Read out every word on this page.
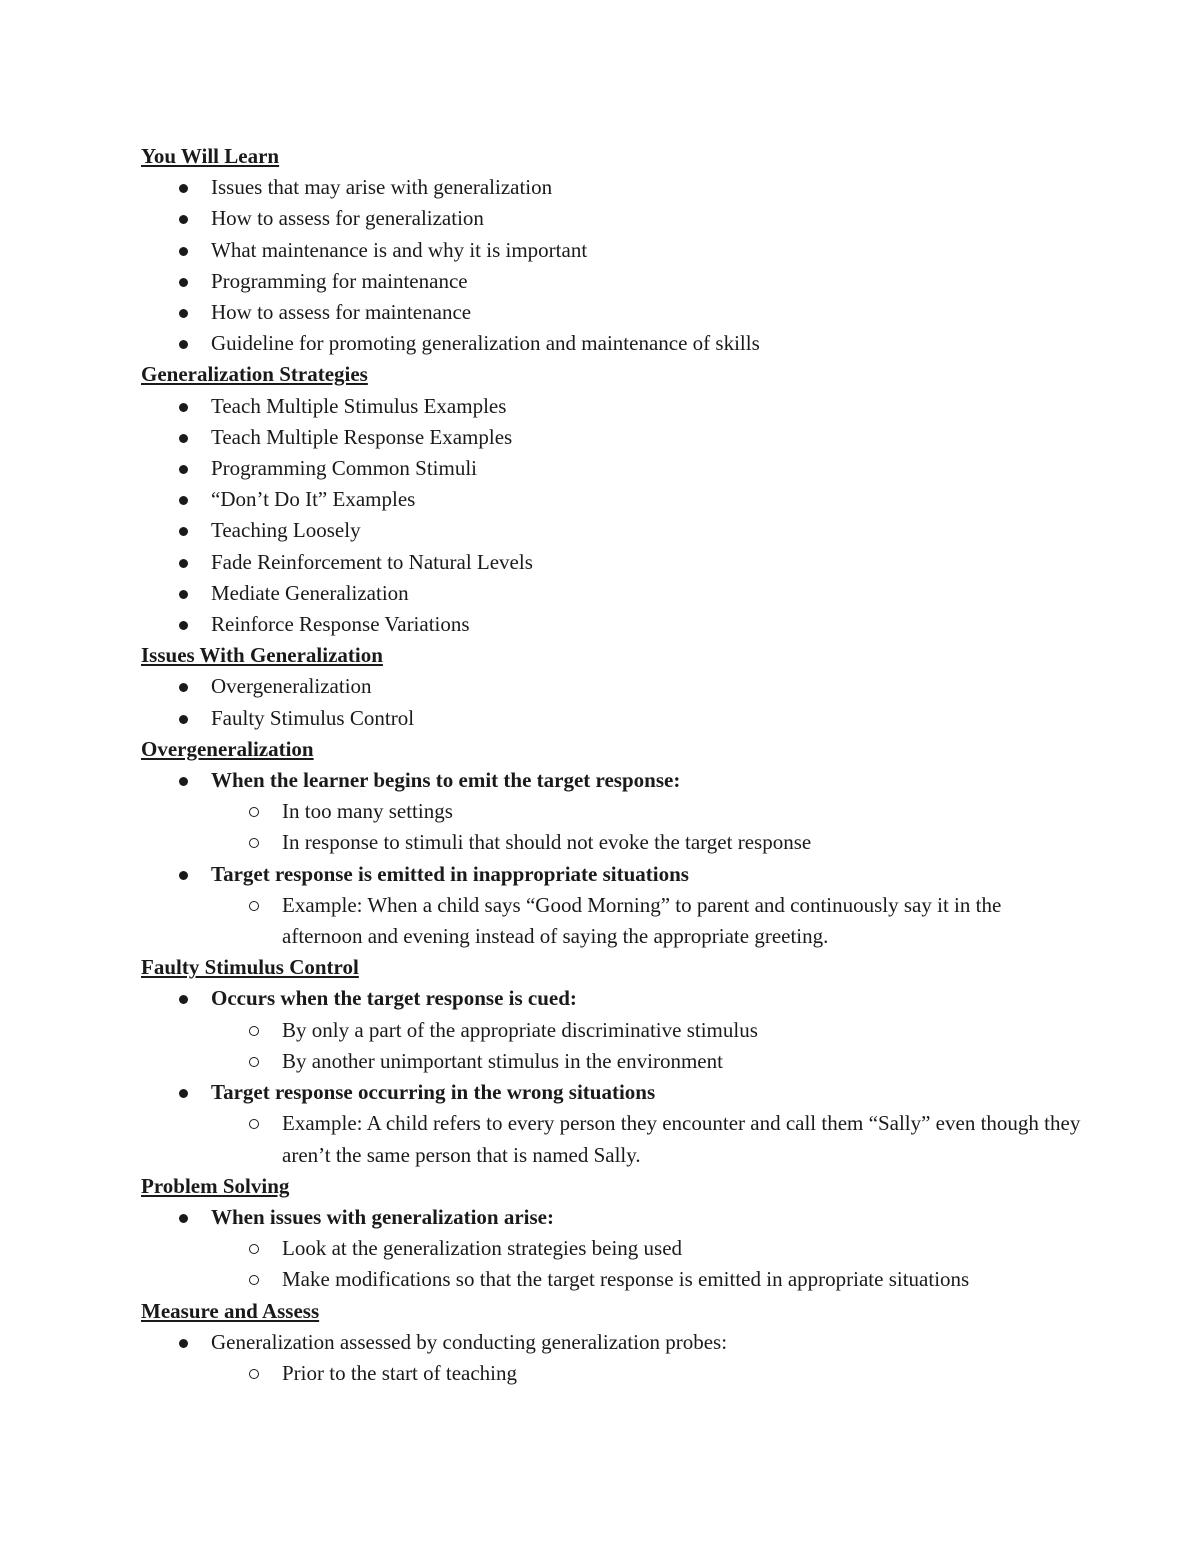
You Will Learn
Issues that may arise with generalization
How to assess for generalization
What maintenance is and why it is important
Programming for maintenance
How to assess for maintenance
Guideline for promoting generalization and maintenance of skills
Generalization Strategies
Teach Multiple Stimulus Examples
Teach Multiple Response Examples
Programming Common Stimuli
“Don’t Do It” Examples
Teaching Loosely
Fade Reinforcement to Natural Levels
Mediate Generalization
Reinforce Response Variations
Issues With Generalization
Overgeneralization
Faulty Stimulus Control
Overgeneralization
When the learner begins to emit the target response:
In too many settings
In response to stimuli that should not evoke the target response
Target response is emitted in inappropriate situations
Example: When a child says “Good Morning” to parent and continuously say it in the afternoon and evening instead of saying the appropriate greeting.
Faulty Stimulus Control
Occurs when the target response is cued:
By only a part of the appropriate discriminative stimulus
By another unimportant stimulus in the environment
Target response occurring in the wrong situations
Example: A child refers to every person they encounter and call them “Sally” even though they aren’t the same person that is named Sally.
Problem Solving
When issues with generalization arise:
Look at the generalization strategies being used
Make modifications so that the target response is emitted in appropriate situations
Measure and Assess
Generalization assessed by conducting generalization probes:
Prior to the start of teaching
